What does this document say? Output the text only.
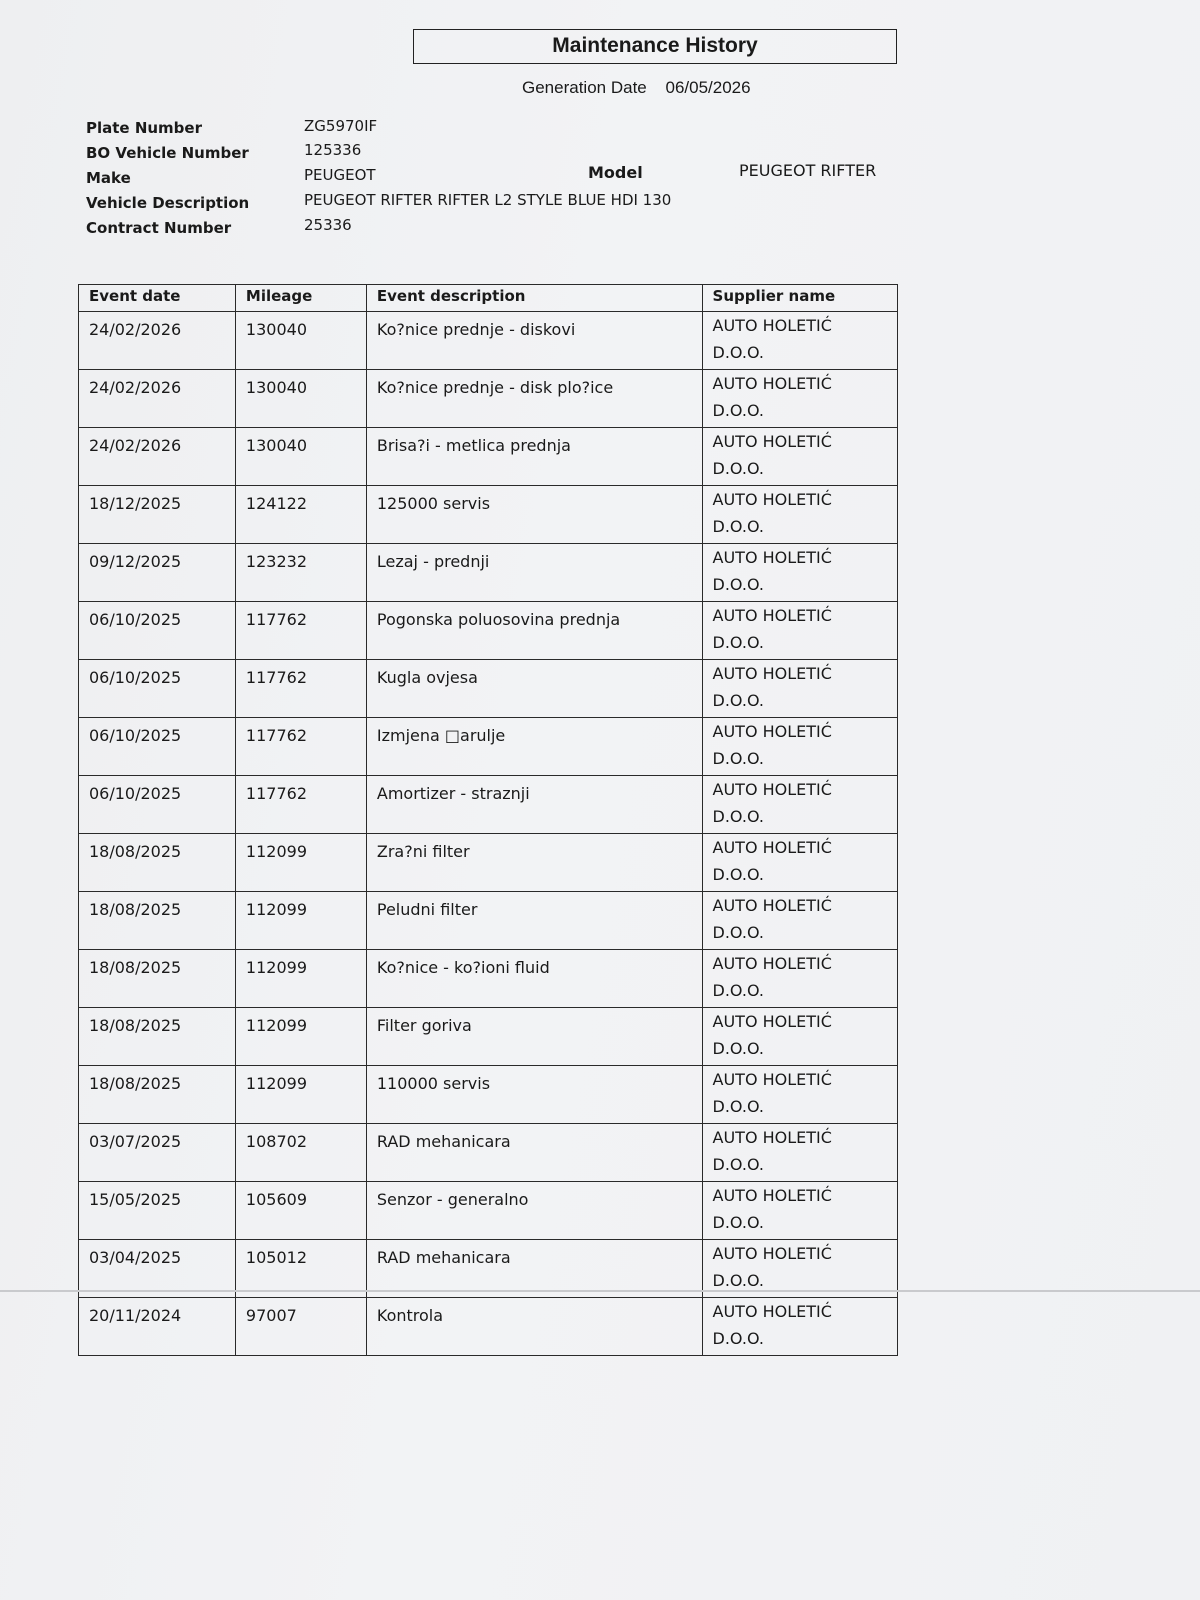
Maintenance History
Generation Date 06/05/2026
Plate Number	ZG5970IF
BO Vehicle Number	125336
Make	PEUGEOT	Model	PEUGEOT RIFTER
Vehicle Description	PEUGEOT RIFTER RIFTER L2 STYLE BLUE HDI 130
Contract Number	25336
Event date	Mileage	Event description	Supplier name
24/02/2026	130040	Ko?nice prednje - diskovi	AUTO HOLETIĆ
D.O.O.
24/02/2026	130040	Ko?nice prednje - disk plo?ice	AUTO HOLETIĆ
D.O.O.
24/02/2026	130040	Brisa?i - metlica prednja	AUTO HOLETIĆ
D.O.O.
18/12/2025	124122	125000 servis	AUTO HOLETIĆ
D.O.O.
09/12/2025	123232	Lezaj - prednji	AUTO HOLETIĆ
D.O.O.
06/10/2025	117762	Pogonska poluosovina prednja	AUTO HOLETIĆ
D.O.O.
06/10/2025	117762	Kugla ovjesa	AUTO HOLETIĆ
D.O.O.
06/10/2025	117762	Izmjena □arulje	AUTO HOLETIĆ
D.O.O.
06/10/2025	117762	Amortizer - straznji	AUTO HOLETIĆ
D.O.O.
18/08/2025	112099	Zra?ni filter	AUTO HOLETIĆ
D.O.O.
18/08/2025	112099	Peludni filter	AUTO HOLETIĆ
D.O.O.
18/08/2025	112099	Ko?nice - ko?ioni fluid	AUTO HOLETIĆ
D.O.O.
18/08/2025	112099	Filter goriva	AUTO HOLETIĆ
D.O.O.
18/08/2025	112099	110000 servis	AUTO HOLETIĆ
D.O.O.
03/07/2025	108702	RAD mehanicara	AUTO HOLETIĆ
D.O.O.
15/05/2025	105609	Senzor - generalno	AUTO HOLETIĆ
D.O.O.
03/04/2025	105012	RAD mehanicara	AUTO HOLETIĆ
D.O.O.
20/11/2024	97007	Kontrola	AUTO HOLETIĆ
D.O.O.
